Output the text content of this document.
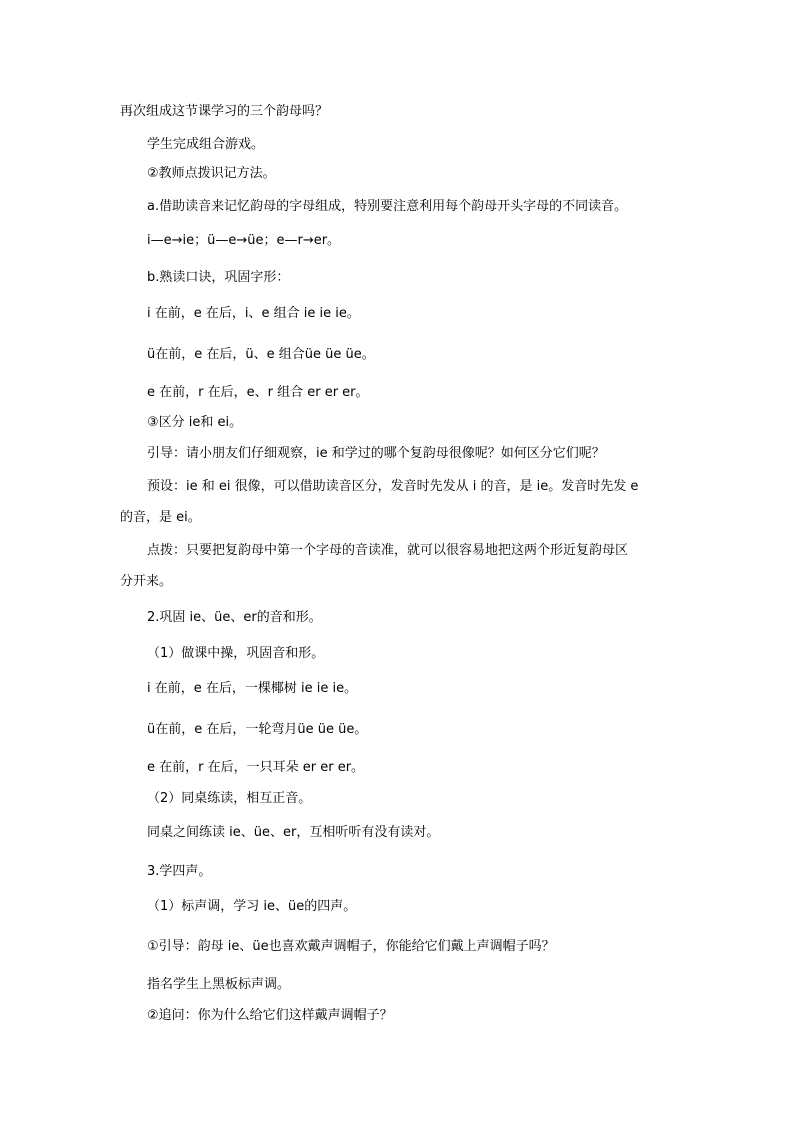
再次组成这节课学习的三个韵母吗？
学生完成组合游戏。
②教师点拨识记方法。
a.借助读音来记忆韵母的字母组成，特别要注意利用每个韵母开头字母的不同读音。
i—e→ie；ü—e→üe；e—r→er。
b.熟读口诀，巩固字形：
i 在前，e 在后，i、e 组合 ie ie ie。
ü在前，e 在后，ü、e 组合üe üe üe。
e 在前，r 在后，e、r 组合 er er er。
③区分 ie和 ei。
引导：请小朋友们仔细观察，ie 和学过的哪个复韵母很像呢？如何区分它们呢？
预设：ie 和 ei 很像，可以借助读音区分，发音时先发从 i 的音，是 ie。发音时先发 e
的音，是 ei。
点拨：只要把复韵母中第一个字母的音读准，就可以很容易地把这两个形近复韵母区
分开来。
2.巩固 ie、üe、er的音和形。
（1）做课中操，巩固音和形。
i 在前，e 在后，一棵椰树 ie ie ie。
ü在前，e 在后，一轮弯月üe üe üe。
e 在前，r 在后，一只耳朵 er er er。
（2）同桌练读，相互正音。
同桌之间练读 ie、üe、er，互相听听有没有读对。
3.学四声。
（1）标声调，学习 ie、üe的四声。
①引导：韵母 ie、üe也喜欢戴声调帽子，你能给它们戴上声调帽子吗？
指名学生上黑板标声调。
②追问：你为什么给它们这样戴声调帽子？
